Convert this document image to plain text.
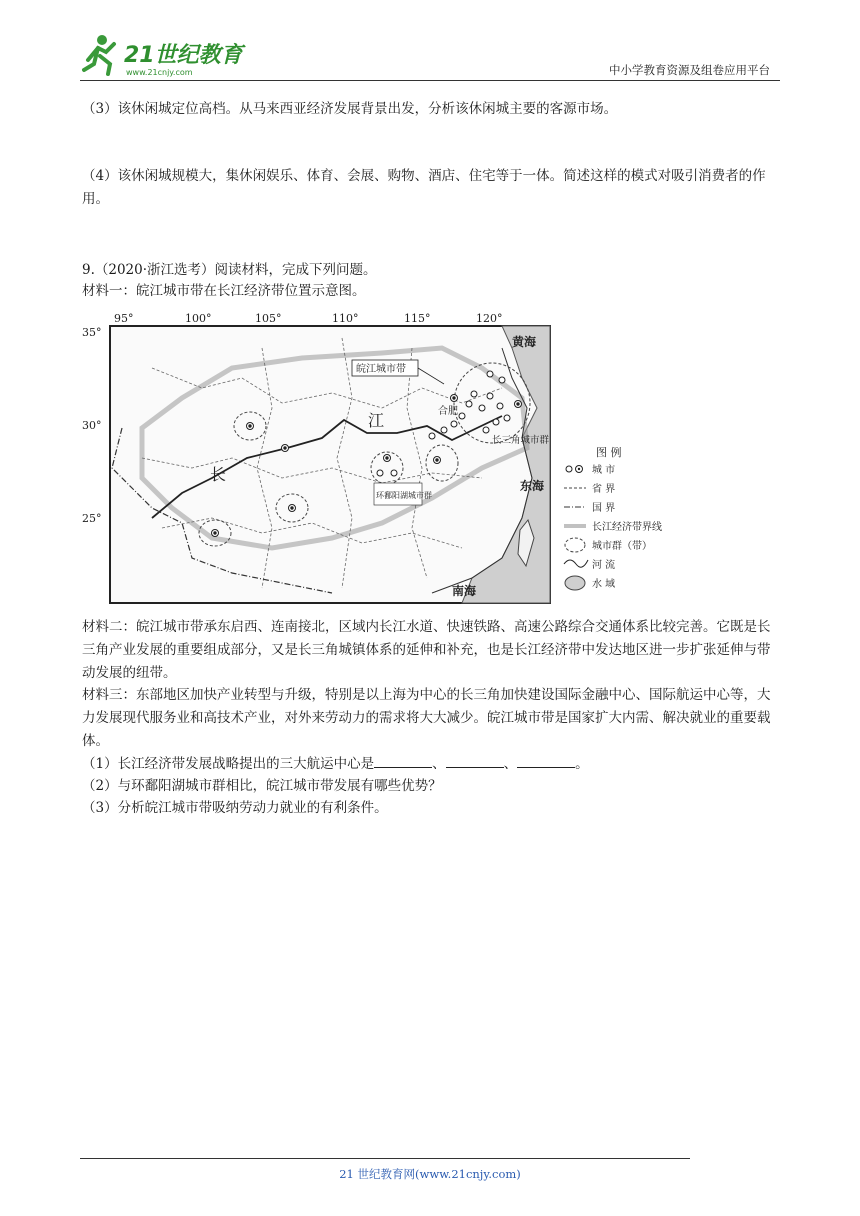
21世纪教育
www.21cnjy.com	中小学教育资源及组卷应用平台

（3）该休闲城定位高档。从马来西亚经济发展背景出发，分析该休闲城主要的客源市场。

（4）该休闲城规模大，集休闲娱乐、体育、会展、购物、酒店、住宅等于一体。简述这样的模式对吸引消费者的作用。

9.（2020·浙江选考）阅读材料，完成下列问题。

材料一：皖江城市带在长江经济带位置示意图。

95°	100°	105°	110°	115°	120°
35°
30°
25°
皖江城市带
合肥
长三角城市群
环鄱阳湖城市群
长
江
黄海
东海
南海
图 例
城 市
省 界
国 界
长江经济带界线
城市群（带）
河 流
水 域

材料二：皖江城市带承东启西、连南接北，区域内长江水道、快速铁路、高速公路综合交通体系比较完善。它既是长三角产业发展的重要组成部分，又是长三角城镇体系的延伸和补充，也是长江经济带中发达地区进一步扩张延伸与带动发展的纽带。

材料三：东部地区加快产业转型与升级，特别是以上海为中心的长三角加快建设国际金融中心、国际航运中心等，大力发展现代服务业和高技术产业，对外来劳动力的需求将大大减少。皖江城市带是国家扩大内需、解决就业的重要载体。

（1）长江经济带发展战略提出的三大航运中心是	、	、	。

（2）与环鄱阳湖城市群相比，皖江城市带发展有哪些优势？

（3）分析皖江城市带吸纳劳动力就业的有利条件。

21 世纪教育网(www.21cnjy.com)
